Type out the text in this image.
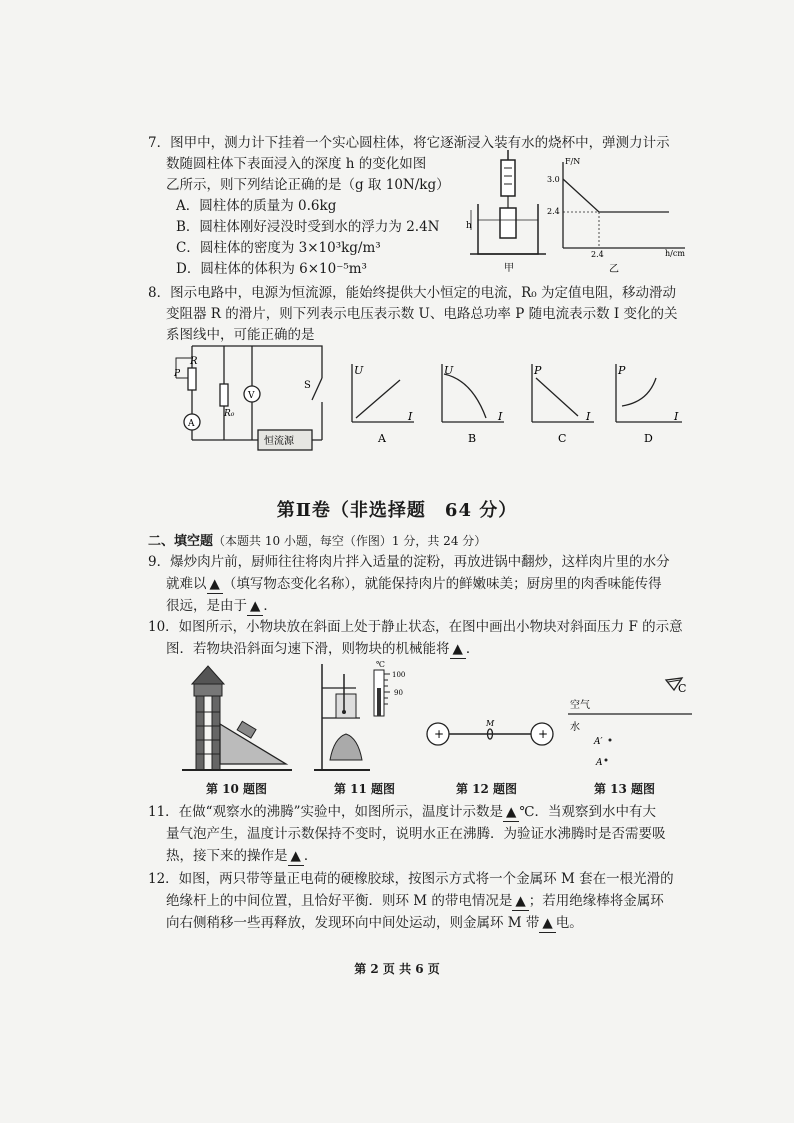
7．图甲中，测力计下挂着一个实心圆柱体，将它逐渐浸入装有水的烧杯中，弹测力计示
数随圆柱体下表面浸入的深度 h 的变化如图
乙所示，则下列结论正确的是（g 取 10N/kg）
A．圆柱体的质量为 0.6kg
B．圆柱体刚好浸没时受到水的浮力为 2.4N
C．圆柱体的密度为 3×10³kg/m³
D．圆柱体的体积为 6×10⁻⁵m³
h
甲
F/N
h/cm
3.0
2.4
2.4
乙
8．图示电路中，电源为恒流源，能始终提供大小恒定的电流，R₀ 为定值电阻，移动滑动
变阻器 R 的滑片，则下列表示电压表示数 U、电路总功率 P 随电流表示数 I 变化的关
系图线中，可能正确的是
S
R
P
A
R₀
V
恒流源
U
I
A
U
I
B
P
I
C
P
I
D
第Ⅱ卷（非选择题　64 分）
二、填空题（本题共 10 小题，每空（作图）1 分，共 24 分）
9．爆炒肉片前，厨师往往将肉片拌入适量的淀粉，再放进锅中翻炒，这样肉片里的水分
就难以 ▲ （填写物态变化名称），就能保持肉片的鲜嫩味美；厨房里的肉香味能传得
很远，是由于 ▲ ．
10．如图所示，小物块放在斜面上处于静止状态，在图中画出小物块对斜面压力 F 的示意
图．若物块沿斜面匀速下滑，则物块的机械能将 ▲ ．
第 10 题图
℃
100
90
第 11 题图
+
M
+
第 12 题图
C
空气
水
A′
A
第 13 题图
11．在做“观察水的沸腾”实验中，如图所示，温度计示数是 ▲ ℃．当观察到水中有大
量气泡产生，温度计示数保持不变时，说明水正在沸腾．为验证水沸腾时是否需要吸
热，接下来的操作是 ▲ ．
12．如图，两只带等量正电荷的硬橡胶球，按图示方式将一个金属环 M 套在一根光滑的
绝缘杆上的中间位置，且恰好平衡．则环 M 的带电情况是 ▲ ；若用绝缘棒将金属环
向右侧稍移一些再释放，发现环向中间处运动，则金属环 M 带 ▲ 电。
第 2 页 共 6 页
